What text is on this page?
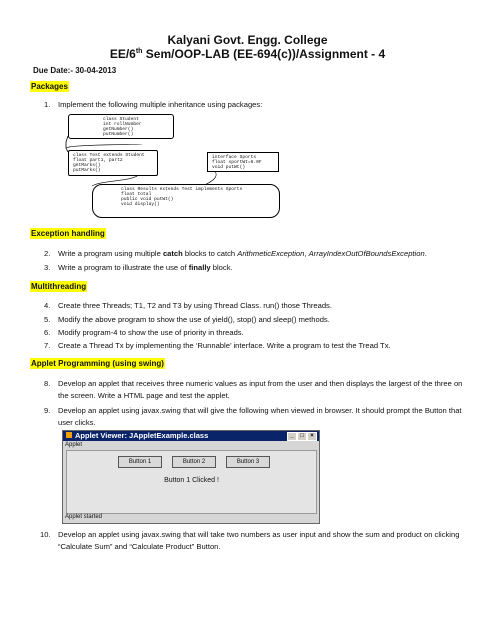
Kalyani Govt. Engg. College
EE/6th Sem/OOP-LAB (EE-694(c))/Assignment - 4
Due Date:- 30-04-2013
Packages
1. Implement the following multiple inheritance using packages:
class Student
int rollNumber
getNumber()
putNumber()
class Test extends Student
float part1, part2
getMarks()
putMarks()
interface Sports
float sportWt=6.0F
void putWt()
class Results extends Test implements Sports
float total
public void putWt()
void display()
Exception handling
2. Write a program using multiple catch blocks to catch ArithmeticException, ArrayIndexOutOfBoundsException.
3. Write a program to illustrate the use of finally block.
Multithreading
4. Create three Threads; T1, T2 and T3 by using Thread Class. run() those Threads.
5. Modify the above program to show the use of yield(), stop() and sleep() methods.
6. Modify program-4 to show the use of priority in threads.
7. Create a Thread Tx by implementing the ‘Runnable’ interface. Write a program to test the Tread Tx.
Applet Programming (using swing)
8. Develop an applet that receives three numeric values as input from the user and then displays the largest of the three on the screen. Write a HTML page and test the applet.
9. Develop an applet using javax.swing that will give the following when viewed in browser. It should prompt the Button that user clicks.
Applet Viewer: JAppletExample.class	_	□	×
Applet
Button 1	Button 2	Button 3
Button 1 Clicked !
Applet started
10. Develop an applet using javax.swing that will take two numbers as user input and show the sum and product on clicking “Calculate Sum” and “Calculate Product” Button.
